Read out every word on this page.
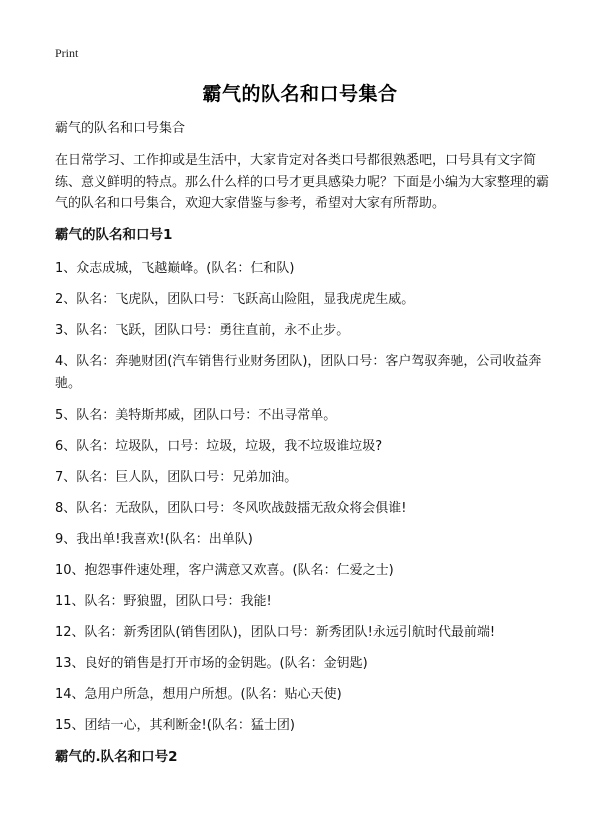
Print
霸气的队名和口号集合

霸气的队名和口号集合

在日常学习、工作抑或是生活中，大家肯定对各类口号都很熟悉吧，口号具有文字简练、意义鲜明的特点。那么什么样的口号才更具感染力呢？下面是小编为大家整理的霸气的队名和口号集合，欢迎大家借鉴与参考，希望对大家有所帮助。

霸气的队名和口号1

1、众志成城，飞越巅峰。(队名：仁和队)

2、队名：飞虎队，团队口号：飞跃高山险阻，显我虎虎生威。

3、队名：飞跃，团队口号：勇往直前，永不止步。

4、队名：奔驰财团(汽车销售行业财务团队)，团队口号：客户驾驭奔驰，公司收益奔驰。

5、队名：美特斯邦威，团队口号：不出寻常单。

6、队名：垃圾队，口号：垃圾，垃圾，我不垃圾谁垃圾?

7、队名：巨人队，团队口号：兄弟加油。

8、队名：无敌队，团队口号：冬风吹战鼓擂无敌众将会俱谁!

9、我出单!我喜欢!(队名：出单队)

10、抱怨事件速处理，客户满意又欢喜。(队名：仁爱之士)

11、队名：野狼盟，团队口号：我能!

12、队名：新秀团队(销售团队)，团队口号：新秀团队!永远引航时代最前端!

13、良好的销售是打开市场的金钥匙。(队名：金钥匙)

14、急用户所急，想用户所想。(队名：贴心天使)

15、团结一心，其利断金!(队名：猛士团)

霸气的.队名和口号2
